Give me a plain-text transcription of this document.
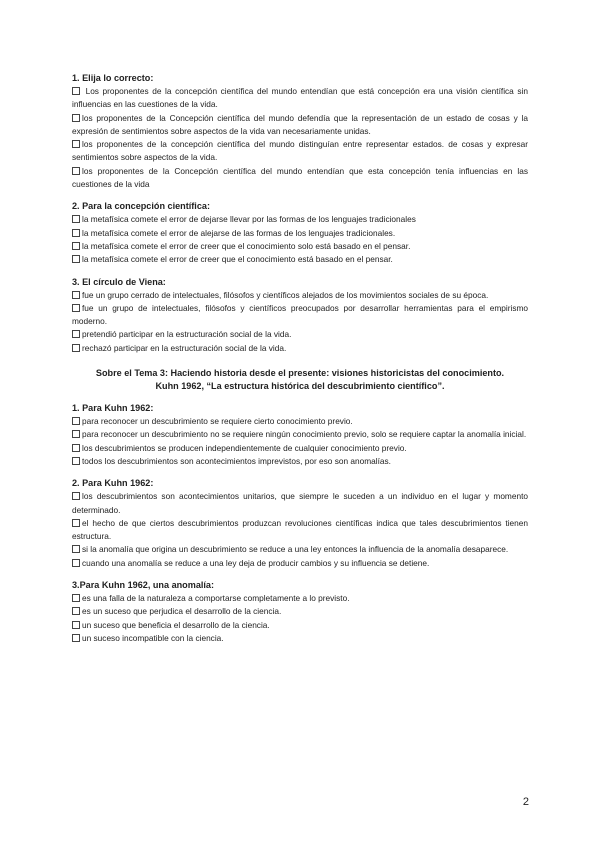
1. Elija lo correcto:

Los proponentes de la concepción científica del mundo entendían que está concepción era una visión científica sin influencias en las cuestiones de la vida.

los proponentes de la Concepción científica del mundo defendía que la representación de un estado de cosas y la expresión de sentimientos sobre aspectos de la vida van necesariamente unidas.

los proponentes de la concepción científica del mundo distinguían entre representar estados. de cosas y expresar sentimientos sobre aspectos de la vida.

los proponentes de la Concepción científica del mundo entendían que esta concepción tenía influencias en las cuestiones de la vida

2. Para la concepción científica:

la metafísica comete el error de dejarse llevar por las formas de los lenguajes tradicionales

la metafísica comete el error de alejarse de las formas de los lenguajes tradicionales.

la metafísica comete el error de creer que el conocimiento solo está basado en el pensar.

la metafísica comete el error de creer que el conocimiento está basado en el pensar.

3. El círculo de Viena:

fue un grupo cerrado de intelectuales, filósofos y científicos alejados de los movimientos sociales de su época.

fue un grupo de intelectuales, filósofos y científicos preocupados por desarrollar herramientas para el empirismo moderno.

pretendió participar en la estructuración social de la vida.

rechazó participar en la estructuración social de la vida.

Sobre el Tema 3: Haciendo historia desde el presente: visiones historicistas del conocimiento. Kuhn 1962, “La estructura histórica del descubrimiento científico”.

1. Para Kuhn 1962:

para reconocer un descubrimiento se requiere cierto conocimiento previo.

para reconocer un descubrimiento no se requiere ningún conocimiento previo, solo se requiere captar la anomalía inicial.

los descubrimientos se producen independientemente de cualquier conocimiento previo.

todos los descubrimientos son acontecimientos imprevistos, por eso son anomalías.

2. Para Kuhn 1962:

los descubrimientos son acontecimientos unitarios, que siempre le suceden a un individuo en el lugar y momento determinado.

el hecho de que ciertos descubrimientos produzcan revoluciones científicas indica que tales descubrimientos tienen estructura.

si la anomalía que origina un descubrimiento se reduce a una ley entonces la influencia de la anomalía desaparece.

cuando una anomalía se reduce a una ley deja de producir cambios y su influencia se detiene.

3.Para Kuhn 1962, una anomalía:

es una falla de la naturaleza a comportarse completamente a lo previsto.

es un suceso que perjudica el desarrollo de la ciencia.

un suceso que beneficia el desarrollo de la ciencia.

un suceso incompatible con la ciencia.

2
